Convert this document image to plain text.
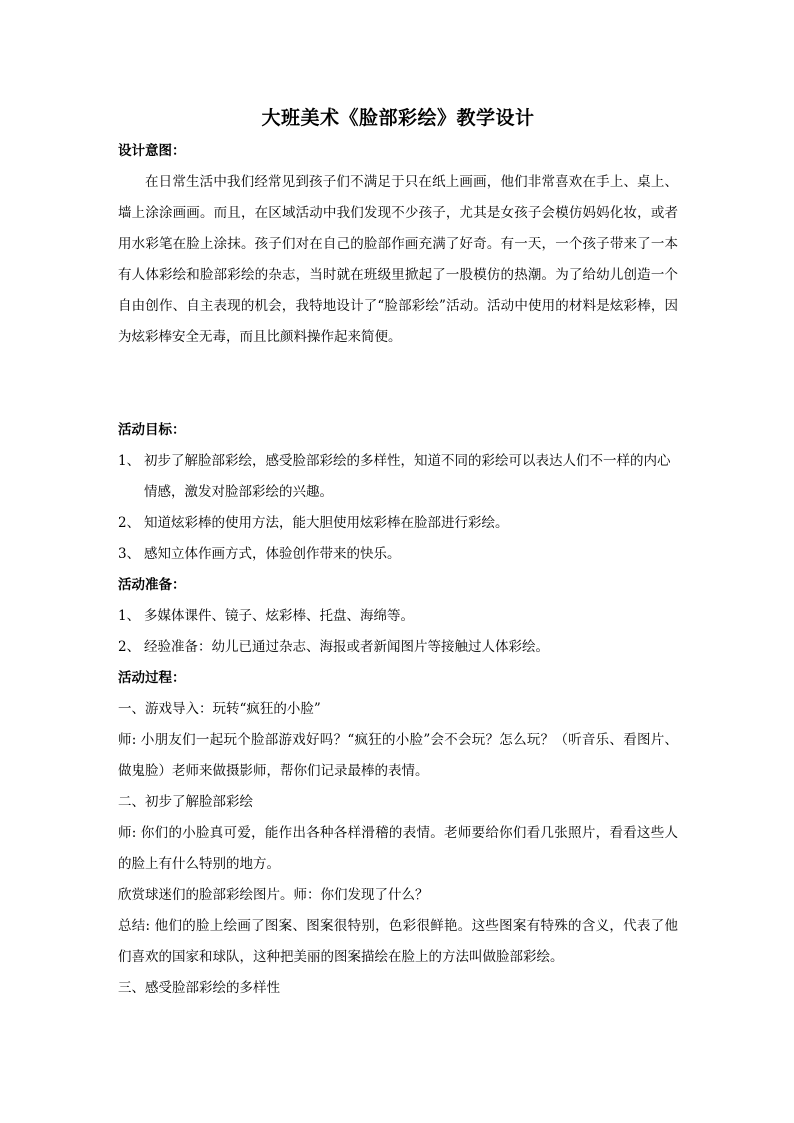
大班美术《脸部彩绘》教学设计

设计意图：

在日常生活中我们经常见到孩子们不满足于只在纸上画画，他们非常喜欢在手上、桌上、墙上涂涂画画。而且，在区域活动中我们发现不少孩子，尤其是女孩子会模仿妈妈化妆，或者用水彩笔在脸上涂抹。孩子们对在自己的脸部作画充满了好奇。有一天，一个孩子带来了一本有人体彩绘和脸部彩绘的杂志，当时就在班级里掀起了一股模仿的热潮。为了给幼儿创造一个自由创作、自主表现的机会，我特地设计了“脸部彩绘”活动。活动中使用的材料是炫彩棒，因为炫彩棒安全无毒，而且比颜料操作起来简便。

活动目标：

1、 初步了解脸部彩绘，感受脸部彩绘的多样性，知道不同的彩绘可以表达人们不一样的内心情感，激发对脸部彩绘的兴趣。

2、 知道炫彩棒的使用方法，能大胆使用炫彩棒在脸部进行彩绘。

3、 感知立体作画方式，体验创作带来的快乐。

活动准备：

1、 多媒体课件、镜子、炫彩棒、托盘、海绵等。

2、 经验准备：幼儿已通过杂志、海报或者新闻图片等接触过人体彩绘。

活动过程：

一、游戏导入：玩转“疯狂的小脸”

师: 小朋友们一起玩个脸部游戏好吗？“疯狂的小脸”会不会玩？怎么玩？（听音乐、看图片、做鬼脸）老师来做摄影师，帮你们记录最棒的表情。

二、初步了解脸部彩绘

师: 你们的小脸真可爱，能作出各种各样滑稽的表情。老师要给你们看几张照片，看看这些人的脸上有什么特别的地方。

欣赏球迷们的脸部彩绘图片。师：你们发现了什么？

总结: 他们的脸上绘画了图案、图案很特别，色彩很鲜艳。这些图案有特殊的含义，代表了他们喜欢的国家和球队，这种把美丽的图案描绘在脸上的方法叫做脸部彩绘。

三、感受脸部彩绘的多样性
